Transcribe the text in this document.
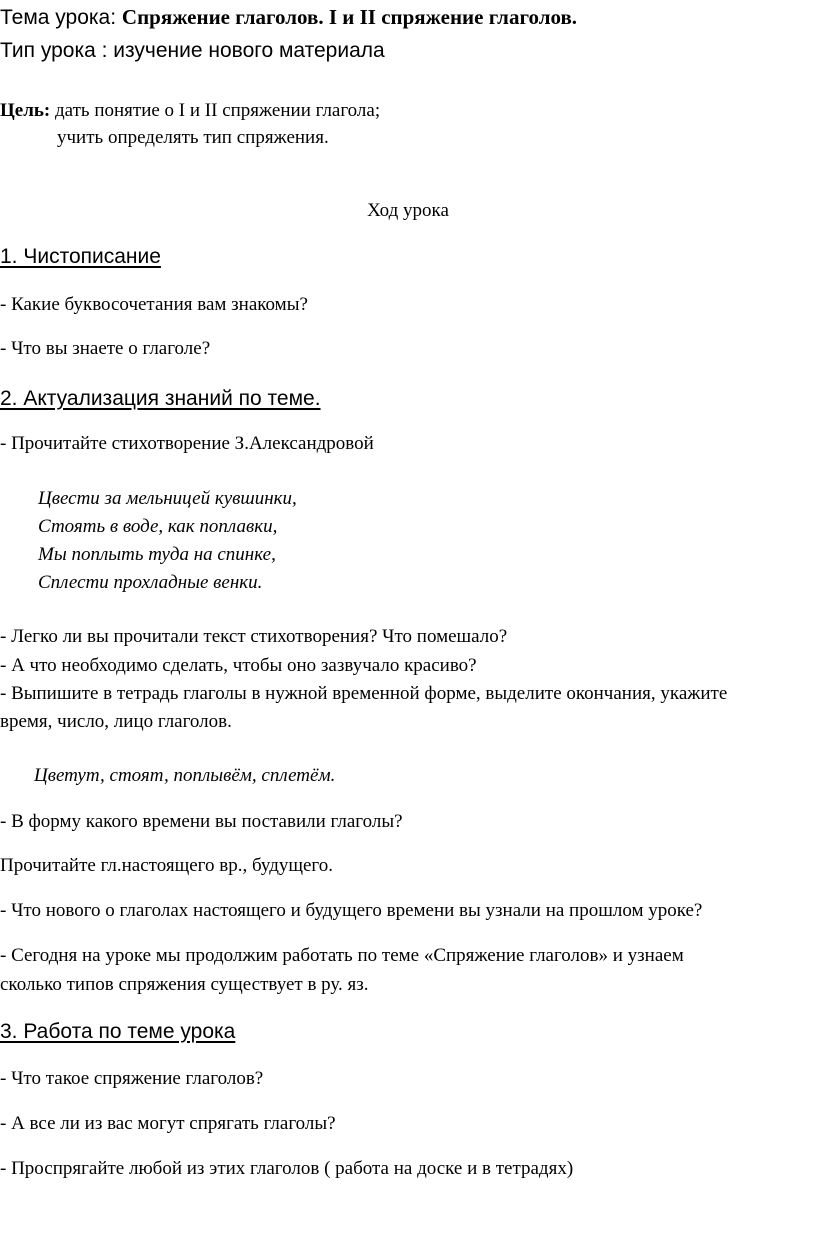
Тема урока: Спряжение глаголов. I и II спряжение глаголов.
Тип урока : изучение нового материала
Цель: дать понятие о I и II спряжении глагола;
учить определять тип спряжения.
Ход урока
1. Чистописание
- Какие буквосочетания вам знакомы?
- Что вы знаете о глаголе?
2. Актуализация знаний по теме.
- Прочитайте стихотворение З.Александровой
Цвести за мельницей кувшинки,
Стоять в воде, как поплавки,
Мы поплыть туда на спинке,
Сплести прохладные венки.
- Легко ли вы прочитали текст стихотворения? Что помешало?
- А что необходимо сделать, чтобы оно зазвучало красиво?
- Выпишите в тетрадь глаголы в нужной временной форме, выделите окончания, укажите
время, число, лицо глаголов.
Цветут, стоят, поплывём, сплетём.
- В форму какого времени вы поставили глаголы?
Прочитайте гл.настоящего вр., будущего.
- Что нового о глаголах настоящего и будущего времени вы узнали на прошлом уроке?
- Сегодня на уроке мы продолжим работать по теме «Спряжение глаголов» и узнаем
сколько типов спряжения существует в ру. яз.
3. Работа по теме урока
- Что такое спряжение глаголов?
- А все ли из вас могут спрягать глаголы?
- Проспрягайте любой из этих глаголов ( работа на доске и в тетрадях)
